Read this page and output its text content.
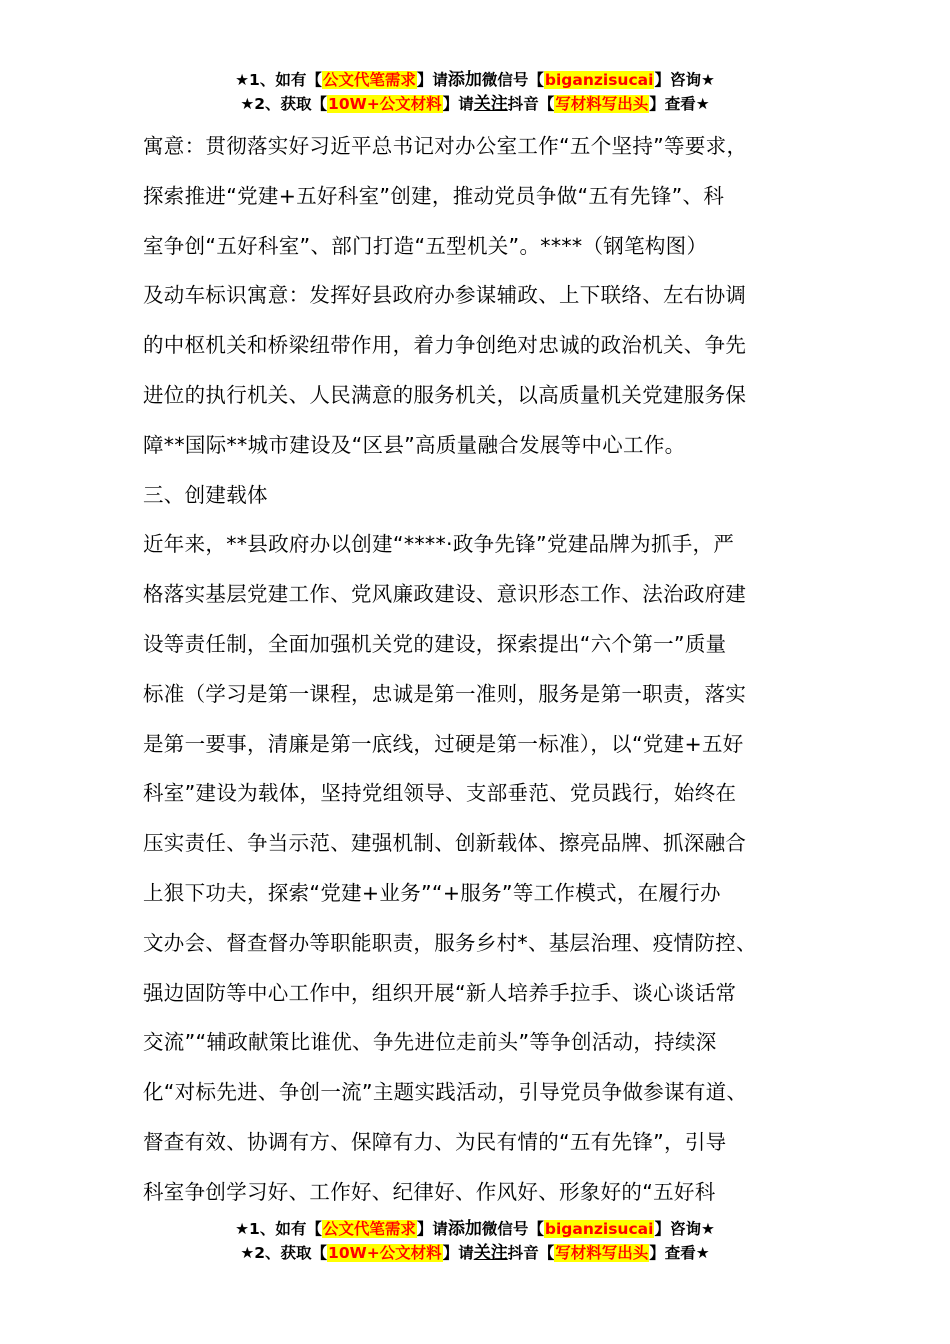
★1、如有【公文代笔需求】请添加微信号【biganzisucai】咨询★
★2、获取【10W+公文材料】请关注抖音【写材料写出头】查看★
寓意：贯彻落实好习近平总书记对办公室工作“五个坚持”等要求，
探索推进“党建+五好科室”创建，推动党员争做“五有先锋”、科
室争创“五好科室”、部门打造“五型机关”。****（钢笔构图）
及动车标识寓意：发挥好县政府办参谋辅政、上下联络、左右协调
的中枢机关和桥梁纽带作用，着力争创绝对忠诚的政治机关、争先
进位的执行机关、人民满意的服务机关，以高质量机关党建服务保
障**国际**城市建设及“区县”高质量融合发展等中心工作。
三、创建载体
近年来，**县政府办以创建“****·政争先锋”党建品牌为抓手，严
格落实基层党建工作、党风廉政建设、意识形态工作、法治政府建
设等责任制，全面加强机关党的建设，探索提出“六个第一”质量
标准（学习是第一课程，忠诚是第一准则，服务是第一职责，落实
是第一要事，清廉是第一底线，过硬是第一标准），以“党建+五好
科室”建设为载体，坚持党组领导、支部垂范、党员践行，始终在
压实责任、争当示范、建强机制、创新载体、擦亮品牌、抓深融合
上狠下功夫，探索“党建+业务”“+服务”等工作模式，在履行办
文办会、督查督办等职能职责，服务乡村*、基层治理、疫情防控、
强边固防等中心工作中，组织开展“新人培养手拉手、谈心谈话常
交流”“辅政献策比谁优、争先进位走前头”等争创活动，持续深
化“对标先进、争创一流”主题实践活动，引导党员争做参谋有道、
督查有效、协调有方、保障有力、为民有情的“五有先锋”，引导
科室争创学习好、工作好、纪律好、作风好、形象好的“五好科
★1、如有【公文代笔需求】请添加微信号【biganzisucai】咨询★
★2、获取【10W+公文材料】请关注抖音【写材料写出头】查看★
